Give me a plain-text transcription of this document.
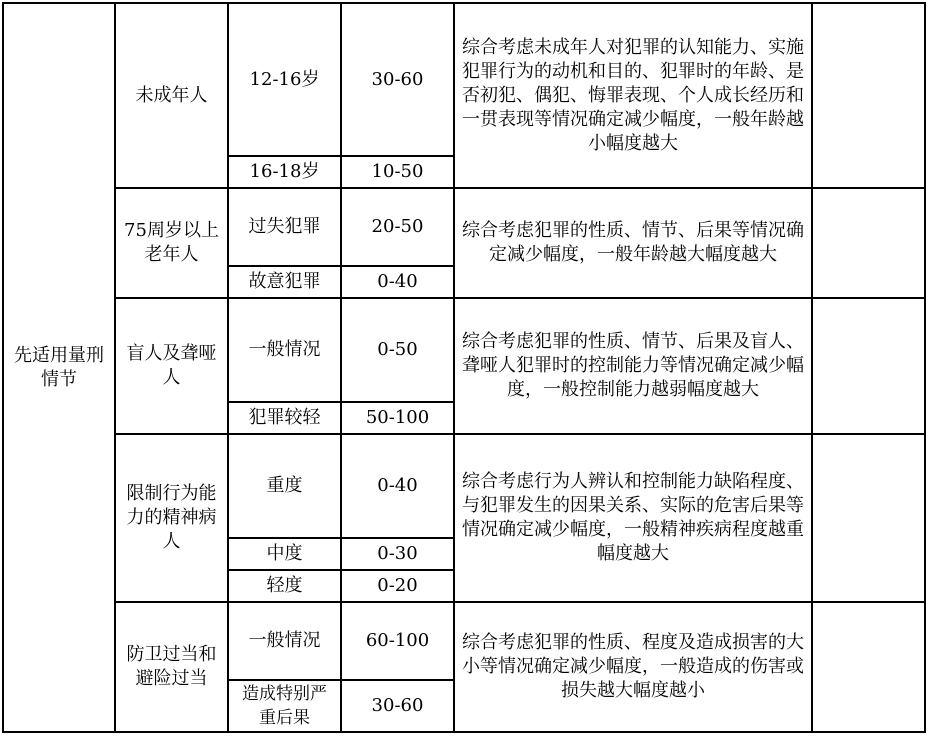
先适用量刑情节	未成年人	12-16岁	30-60	综合考虑未成年人对犯罪的认知能力、实施犯罪行为的动机和目的、犯罪时的年龄、是否初犯、偶犯、悔罪表现、个人成长经历和一贯表现等情况确定减少幅度，一般年龄越小幅度越大	
		16-18岁	10-50		
	75周岁以上老年人	过失犯罪	20-50	综合考虑犯罪的性质、情节、后果等情况确定减少幅度，一般年龄越大幅度越大	
		故意犯罪	0-40		
	盲人及聋哑人	一般情况	0-50	综合考虑犯罪的性质、情节、后果及盲人、聋哑人犯罪时的控制能力等情况确定减少幅度，一般控制能力越弱幅度越大	
		犯罪较轻	50-100		
	限制行为能力的精神病人	重度	0-40	综合考虑行为人辨认和控制能力缺陷程度、与犯罪发生的因果关系、实际的危害后果等情况确定减少幅度，一般精神疾病程度越重幅度越大	
		中度	0-30		
		轻度	0-20		
	防卫过当和避险过当	一般情况	60-100	综合考虑犯罪的性质、程度及造成损害的大小等情况确定减少幅度，一般造成的伤害或损失越大幅度越小	
		造成特别严重后果	30-60		
